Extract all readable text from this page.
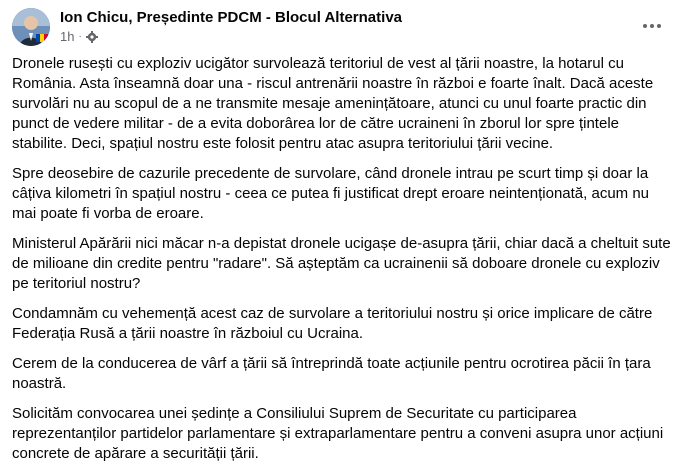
Ion Chicu, Președinte PDCM - Blocul Alternativa
1h ·

Dronele rusești cu exploziv ucigător survolează teritoriul de vest al țării noastre, la hotarul cu România. Asta înseamnă doar una - riscul antrenării noastre în război e foarte înalt. Dacă aceste survolări nu au scopul de a ne transmite mesaje amenințătoare, atunci cu unul foarte practic din punct de vedere militar - de a evita doborârea lor de către ucraineni în zborul lor spre țintele stabilite. Deci, spațiul nostru este folosit pentru atac asupra teritoriului țării vecine.

Spre deosebire de cazurile precedente de survolare, când dronele intrau pe scurt timp și doar la câțiva kilometri în spațiul nostru - ceea ce putea fi justificat drept eroare neintenționată, acum nu mai poate fi vorba de eroare.

Ministerul Apărării nici măcar n-a depistat dronele ucigașe de-asupra țării, chiar dacă a cheltuit sute de milioane din credite pentru "radare". Să așteptăm ca ucrainenii să doboare dronele cu exploziv pe teritoriul nostru?

Condamnăm cu vehemență acest caz de survolare a teritoriului nostru și orice implicare de către Federația Rusă a țării noastre în războiul cu Ucraina.

Cerem de la conducerea de vârf a țării să întreprindă toate acțiunile pentru ocrotirea păcii în țara noastră.

Solicităm convocarea unei ședințe a Consiliului Suprem de Securitate cu participarea reprezentanților partidelor parlamentare și extraparlamentare pentru a conveni asupra unor acțiuni concrete de apărare a securității țării.
